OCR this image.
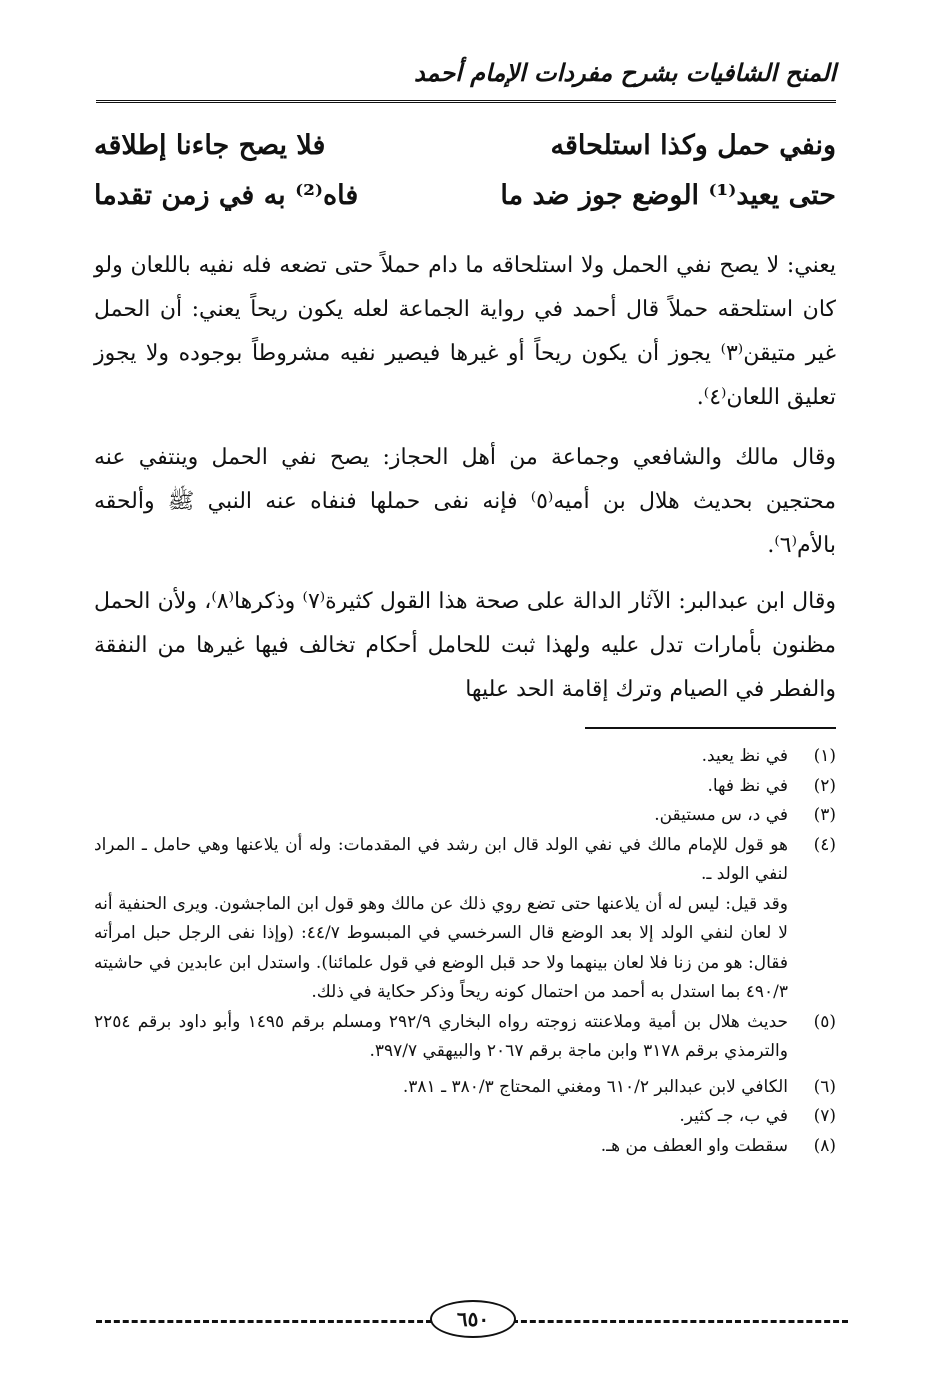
المنح الشافيات بشرح مفردات الإمام أحمد
ونفي حمل وكذا استلحاقه
فلا يصح جاءنا إطلاقه
حتى يعيد⁽¹⁾ الوضع جوز ضد ما
فاه⁽²⁾ به في زمن تقدما
يعني: لا يصح نفي الحمل ولا استلحاقه ما دام حملاً حتى تضعه فله نفيه باللعان ولو كان استلحقه حملاً قال أحمد في رواية الجماعة لعله يكون ريحاً يعني: أن الحمل غير متيقن⁽٣⁾ يجوز أن يكون ريحاً أو غيرها فيصير نفيه مشروطاً بوجوده ولا يجوز تعليق اللعان⁽٤⁾.
وقال مالك والشافعي وجماعة من أهل الحجاز: يصح نفي الحمل وينتفي عنه محتجين بحديث هلال بن أميه⁽٥⁾ فإنه نفى حملها فنفاه عنه النبي ﷺ وألحقه بالأم⁽٦⁾.
وقال ابن عبدالبر: الآثار الدالة على صحة هذا القول كثيرة⁽٧⁾ وذكرها⁽٨⁾، ولأن الحمل مظنون بأمارات تدل عليه ولهذا ثبت للحامل أحكام تخالف فيها غيرها من النفقة والفطر في الصيام وترك إقامة الحد عليها
(١)
في نظ يعيد.
(٢)
في نظ فها.
(٣)
في د، س مستيقن.
(٤)
هو قول للإمام مالك في نفي الولد قال ابن رشد في المقدمات: وله أن يلاعنها وهي حامل ـ المراد لنفي الولد ـ.
وقد قيل: ليس له أن يلاعنها حتى تضع روي ذلك عن مالك وهو قول ابن الماجشون. ويرى الحنفية أنه لا لعان لنفي الولد إلا بعد الوضع قال السرخسي في المبسوط ٤٤/٧: (وإذا نفى الرجل حبل امرأته فقال: هو من زنا فلا لعان بينهما ولا حد قبل الوضع في قول علمائنا). واستدل ابن عابدين في حاشيته ٤٩٠/٣ بما استدل به أحمد من احتمال كونه ريحاً وذكر حكاية في ذلك.
(٥)
حديث هلال بن أمية وملاعنته زوجته رواه البخاري ٢٩٢/٩ ومسلم برقم ١٤٩٥ وأبو داود برقم ٢٢٥٤ والترمذي برقم ٣١٧٨ وابن ماجة برقم ٢٠٦٧ والبيهقي ٣٩٧/٧.
(٦)
الكافي لابن عبدالبر ٦١٠/٢ ومغني المحتاج ٣٨٠/٣ ـ ٣٨١.
(٧)
في ب، جـ كثير.
(٨)
سقطت واو العطف من هـ.
٦٥٠
